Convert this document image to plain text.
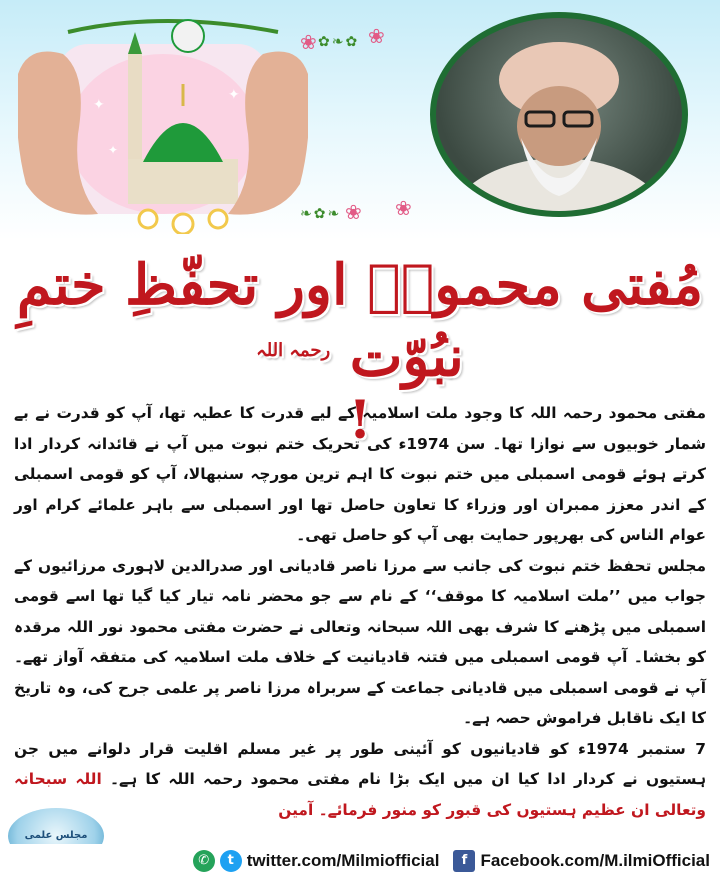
✦
✦
✦
❀	❀
❀ ❀
✿❧✿
❧✿❧
مُفتی محمودؒ اور تحفّظِ ختمِ نبُوّت $^{رحمہ اللہ}$
!

مفتی محمود رحمہ اللہ کا وجود ملت اسلامیہ کے لیے قدرت کا عطیہ تھا، آپ کو قدرت نے بے شمار خوبیوں سے نوازا تھا۔ سن 1974ء کی تحریک ختم نبوت میں آپ نے قائدانہ کردار ادا کرتے ہوئے قومی اسمبلی میں ختم نبوت کا اہم ترین مورچہ سنبھالا، آپ کو قومی اسمبلی کے اندر معزز ممبران اور وزراء کا تعاون حاصل تھا اور اسمبلی سے باہر علمائے کرام اور عوام الناس کی بھرپور حمایت بھی آپ کو حاصل تھی۔

مجلس تحفظ ختم نبوت کی جانب سے مرزا ناصر قادیانی اور صدرالدین لاہوری مرزائیوں کے جواب میں ’’ملت اسلامیہ کا موقف‘‘ کے نام سے جو محضر نامہ تیار کیا گیا تھا اسے قومی اسمبلی میں پڑھنے کا شرف بھی اللہ سبحانہ وتعالی نے حضرت مفتی محمود نور اللہ مرقدہ کو بخشا۔ آپ قومی اسمبلی میں فتنہ قادیانیت کے خلاف ملت اسلامیہ کی متفقہ آواز تھے۔ آپ نے قومی اسمبلی میں قادیانی جماعت کے سربراہ مرزا ناصر پر علمی جرح کی، وہ تاریخ کا ایک ناقابل فراموش حصہ ہے۔

7 ستمبر 1974ء کو قادیانیوں کو آئینی طور پر غیر مسلم اقلیت قرار دلوانے میں جن ہستیوں نے کردار ادا کیا ان میں ایک بڑا نام مفتی محمود رحمہ اللہ کا ہے۔ اللہ سبحانہ وتعالی ان عظیم ہستیوں کی قبور کو منور فرمائے۔ آمین

مجلس علمی
✆	t twitter.com/Milmiofficial	f Facebook.com/M.ilmiOfficial
